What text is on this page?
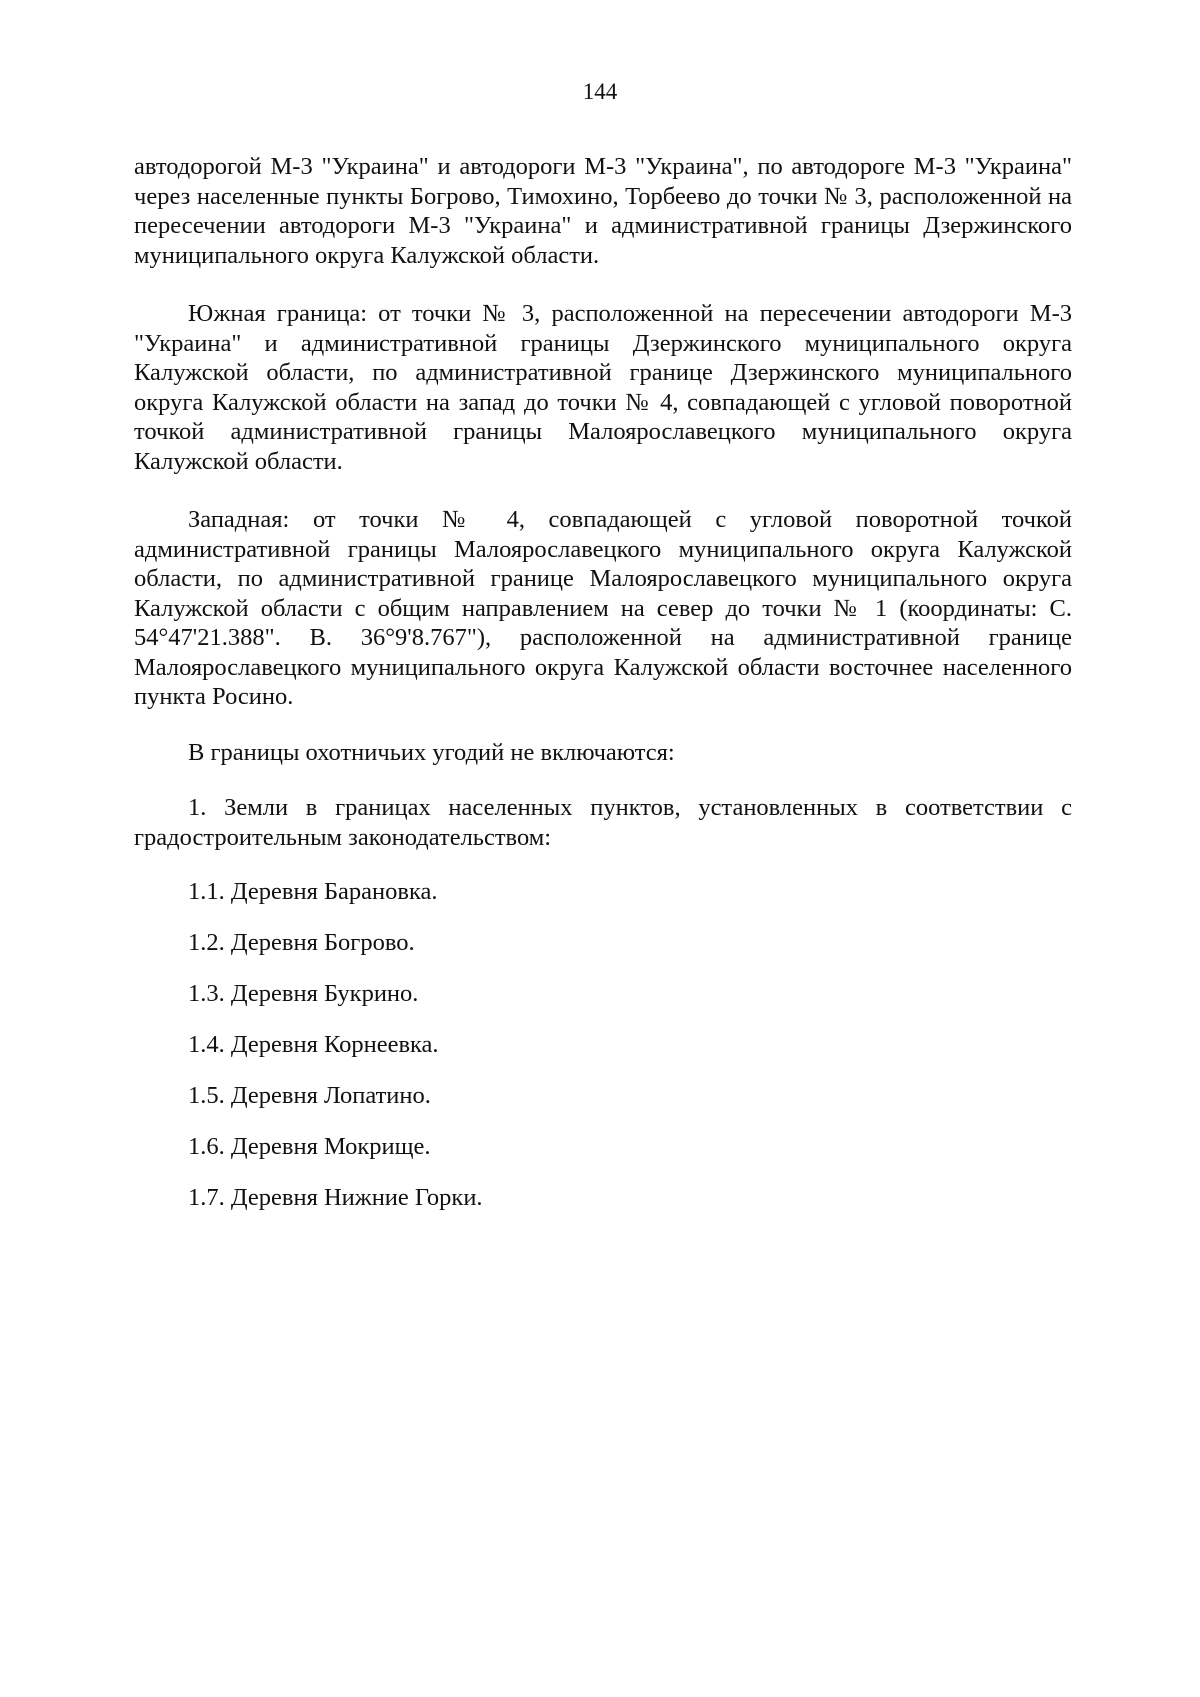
144

автодорогой М-3 "Украина" и автодороги М-3 "Украина", по автодороге М-3 "Украина" через населенные пункты Богрово, Тимохино, Торбеево до точки № 3, расположенной на пересечении автодороги М-3 "Украина" и административной границы Дзержинского муниципального округа Калужской области.

Южная граница: от точки № 3, расположенной на пересечении автодороги М-3 "Украина" и административной границы Дзержинского муниципального округа Калужской области, по административной границе Дзержинского муниципального округа Калужской области на запад до точки № 4, совпадающей с угловой поворотной точкой административной границы Малоярославецкого муниципального округа Калужской области.

Западная: от точки № 4, совпадающей с угловой поворотной точкой административной границы Малоярославецкого муниципального округа Калужской области, по административной границе Малоярославецкого муниципального округа Калужской области с общим направлением на север до точки № 1 (координаты: С. 54°47'21.388". В. 36°9'8.767"), расположенной на административной границе Малоярославецкого муниципального округа Калужской области восточнее населенного пункта Росино.

В границы охотничьих угодий не включаются:

1. Земли в границах населенных пунктов, установленных в соответствии с градостроительным законодательством:

1.1. Деревня Барановка.

1.2. Деревня Богрово.

1.3. Деревня Букрино.

1.4. Деревня Корнеевка.

1.5. Деревня Лопатино.

1.6. Деревня Мокрище.

1.7. Деревня Нижние Горки.
